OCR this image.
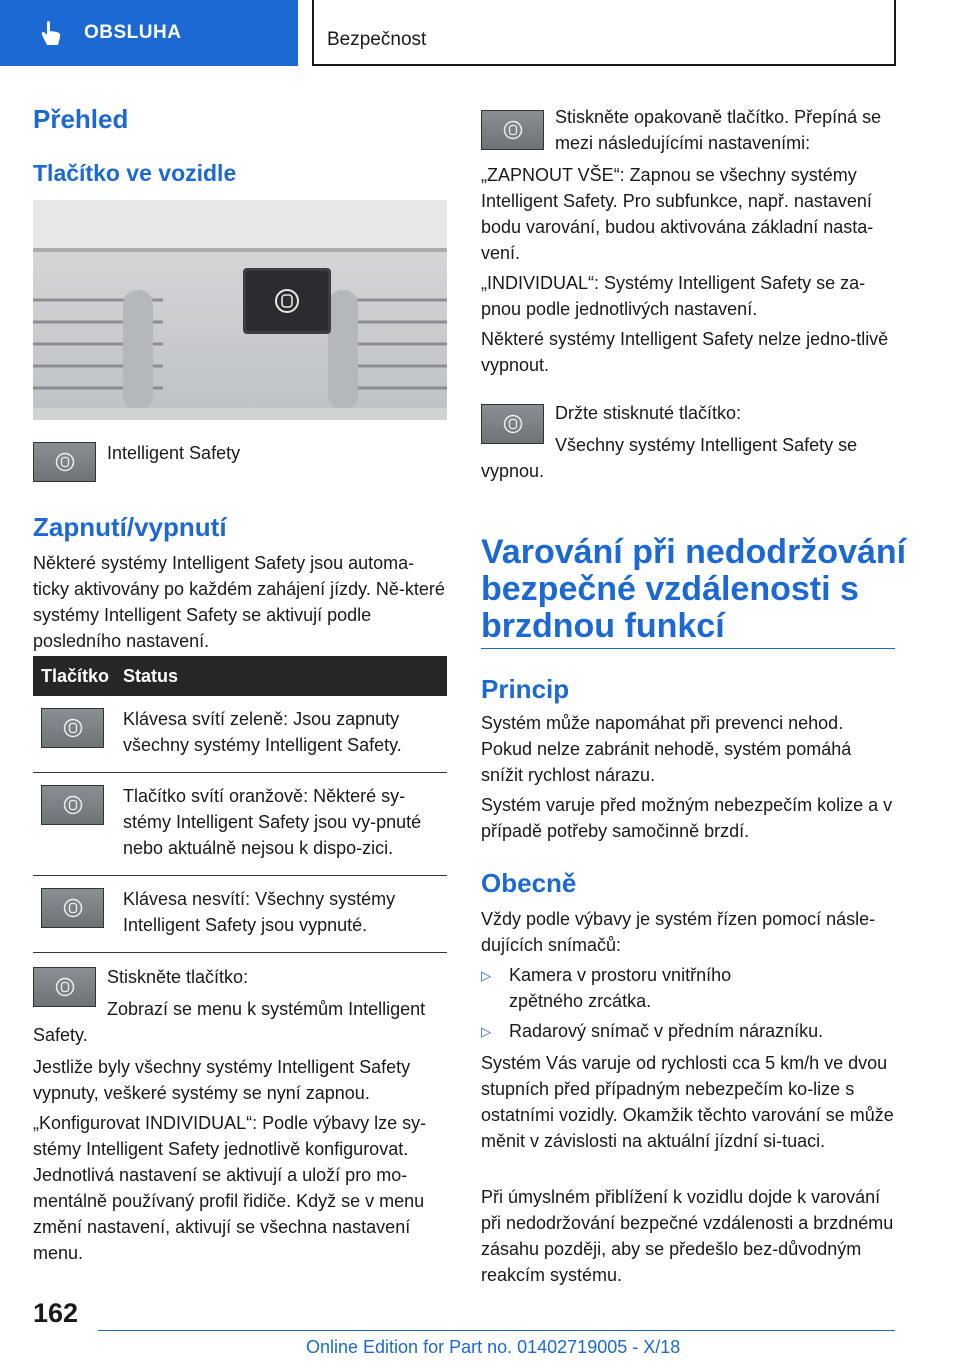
OBSLUHA	Bezpečnost
Přehled
Tlačítko ve vozidle

Intelligent Safety

Zapnutí/vypnutí

Některé systémy Intelligent Safety jsou automa-ticky aktivovány po každém zahájení jízdy. Ně-které systémy Intelligent Safety se aktivují podle posledního nastavení.

Tlačítko	Status

	Klávesa svítí zeleně: Jsou zapnuty všechny systémy Intelligent Safety.

	Tlačítko svítí oranžově: Některé sy-stémy Intelligent Safety jsou vy-pnuté nebo aktuálně nejsou k dispo-zici.

	Klávesa nesvítí: Všechny systémy Intelligent Safety jsou vypnuté.

Stiskněte tlačítko:

Zobrazí se menu k systémům Intelligent

Safety.

Jestliže byly všechny systémy Intelligent Safety vypnuty, veškeré systémy se nyní zapnou.

„Konfigurovat INDIVIDUAL“: Podle výbavy lze sy-stémy Intelligent Safety jednotlivě konfigurovat. Jednotlivá nastavení se aktivují a uloží pro mo-mentálně používaný profil řidiče. Když se v menu změní nastavení, aktivují se všechna nastavení menu.

Stiskněte opakovaně tlačítko. Přepíná se

mezi následujícími nastaveními:

„ZAPNOUT VŠE“: Zapnou se všechny systémy Intelligent Safety. Pro subfunkce, např. nastavení bodu varování, budou aktivována základní nasta-vení.

„INDIVIDUAL“: Systémy Intelligent Safety se za-pnou podle jednotlivých nastavení.

Některé systémy Intelligent Safety nelze jedno-tlivě vypnout.

Držte stisknuté tlačítko:

Všechny systémy Intelligent Safety se

vypnou.

Varování při nedodržování
bezpečné vzdálenosti s
brzdnou funkcí
Princip

Systém může napomáhat při prevenci nehod. Pokud nelze zabránit nehodě, systém pomáhá snížit rychlost nárazu.

Systém varuje před možným nebezpečím kolize a v případě potřeby samočinně brzdí.

Obecně

Vždy podle výbavy je systém řízen pomocí násle-dujících snímačů:

▷	Kamera v prostoru vnitřního zpětného zrcátka.
▷	Radarový snímač v předním nárazníku.

Systém Vás varuje od rychlosti cca 5 km/h ve dvou stupních před případným nebezpečím ko-lize s ostatními vozidly. Okamžik těchto varování se může měnit v závislosti na aktuální jízdní si-tuaci.

Při úmyslném přiblížení k vozidlu dojde k varování při nedodržování bezpečné vzdálenosti a brzdnému zásahu později, aby se předešlo bez-důvodným reakcím systému.

162
Online Edition for Part no. 01402719005 - X/18
